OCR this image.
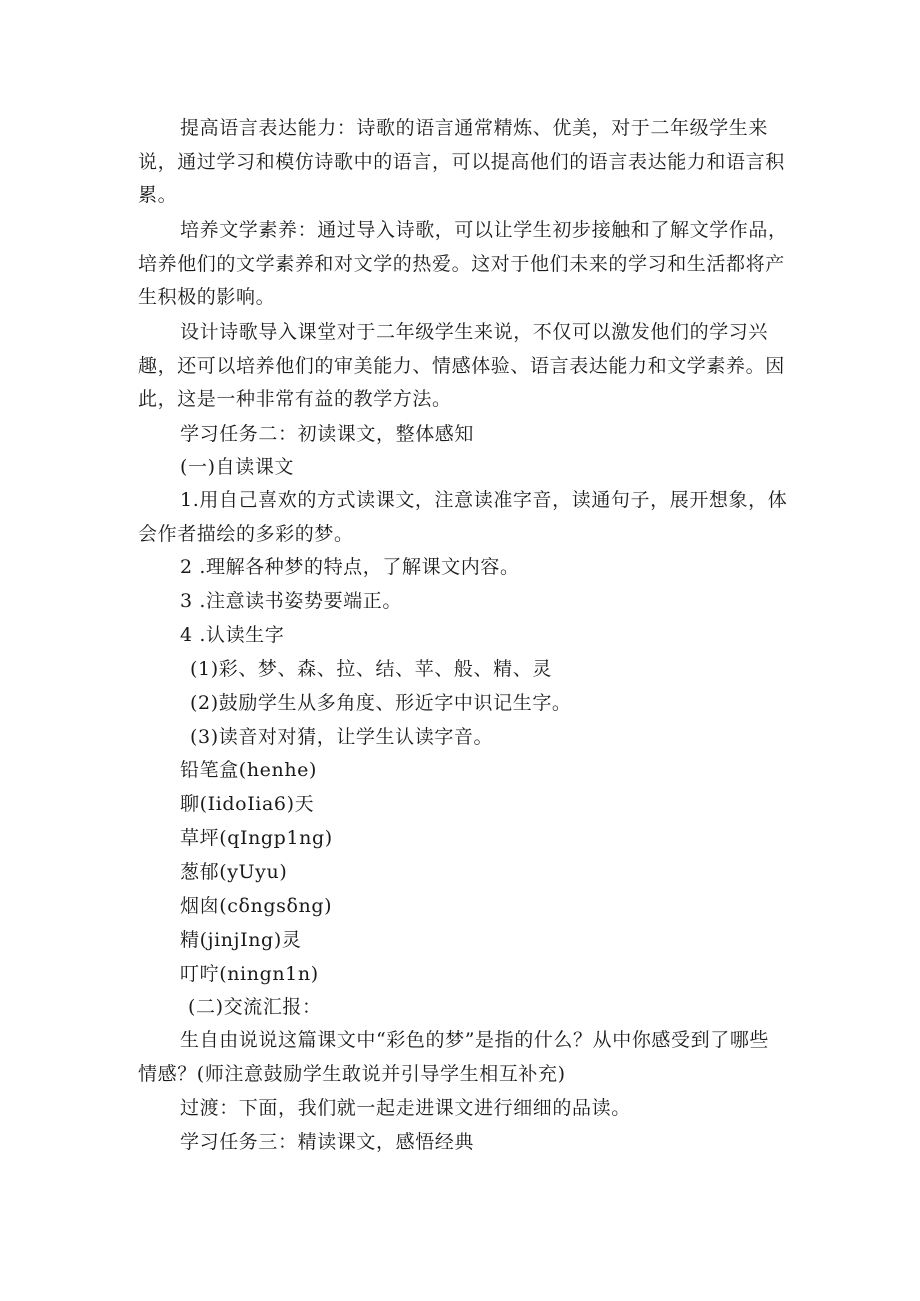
提高语言表达能力：诗歌的语言通常精炼、优美，对于二年级学生来说，通过学习和模仿诗歌中的语言，可以提高他们的语言表达能力和语言积累。

培养文学素养：通过导入诗歌，可以让学生初步接触和了解文学作品，培养他们的文学素养和对文学的热爱。这对于他们未来的学习和生活都将产生积极的影响。

设计诗歌导入课堂对于二年级学生来说，不仅可以激发他们的学习兴趣，还可以培养他们的审美能力、情感体验、语言表达能力和文学素养。因此，这是一种非常有益的教学方法。

学习任务二：初读课文，整体感知

(一)自读课文

1.用自己喜欢的方式读课文，注意读准字音，读通句子，展开想象，体会作者描绘的多彩的梦。

2 .理解各种梦的特点，了解课文内容。

3 .注意读书姿势要端正。

4 .认读生字

(1)彩、梦、森、拉、结、苹、般、精、灵

(2)鼓励学生从多角度、形近字中识记生字。

(3)读音对对猜，让学生认读字音。

铅笔盒(henhe)

聊(IidoIia6)天

草坪(qIngp1ng)

葱郁(yUyu)

烟囱(cδngsδng)

精(jinjIng)灵

叮咛(ningn1n)

(二)交流汇报：

生自由说说这篇课文中“彩色的梦”是指的什么？从中你感受到了哪些情感？(师注意鼓励学生敢说并引导学生相互补充)

过渡：下面，我们就一起走进课文进行细细的品读。

学习任务三：精读课文，感悟经典
